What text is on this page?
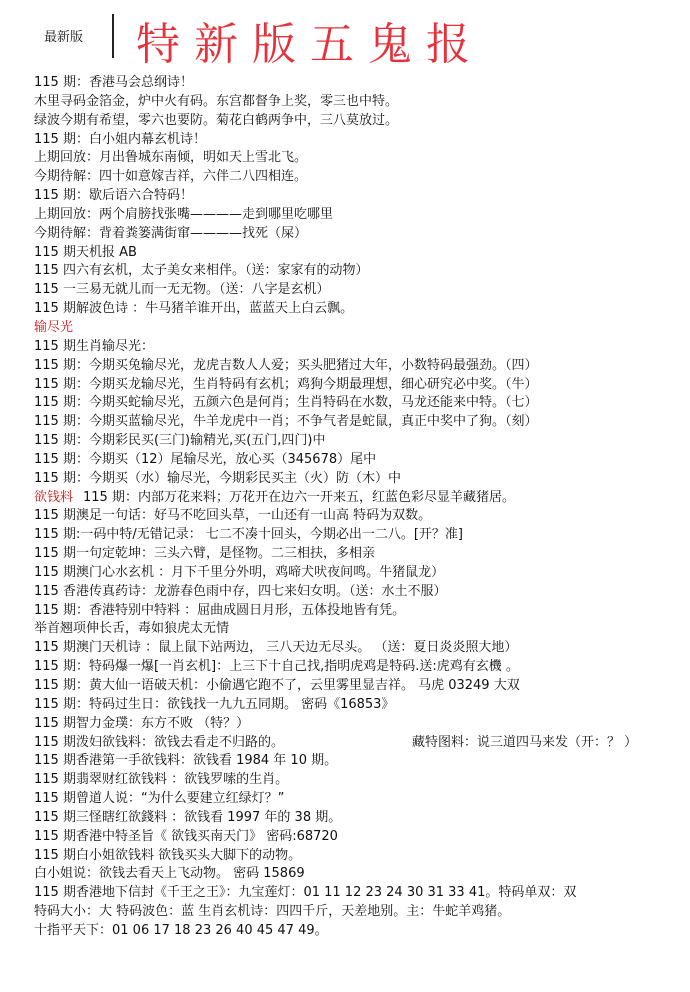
最新版 特新版五鬼报
115 期：香港马会总纲诗！
木里寻码金箔金，炉中火有码。东宫都督争上奖，零三也中特。
绿波今期有希望，零六也要防。菊花白鹤两争中，三八莫放过。
115 期：白小姐内幕玄机诗！
上期回放：月出鲁城东南倾，明如天上雪北飞。
今期待解：四十如意嫁吉祥，六伴二八四相连。
115 期：歇后语六合特码！
上期回放：两个肩膀找张嘴————走到哪里吃哪里
今期待解：背着粪篓满街窜————找死（屎）
115 期天机报 AB
115 四六有玄机，太子美女来相伴。（送：家家有的动物）
115 一三易无就儿而一无无物。（送：八字是玄机）
115 期解波色诗 ：牛马猪羊谁开出，蓝蓝天上白云飘。
输尽光
115 期生肖输尽光：
115 期：今期买兔输尽光，龙虎吉数人人爱；买头肥猪过大年，小数特码最强劲。（四）
115 期：今期买龙输尽光，生肖特码有玄机；鸡狗今期最理想，细心研究必中奖。（牛）
115 期：今期买蛇输尽光，五颜六色是何肖；生肖特码在水数，马龙还能来中特。（七）
115 期：今期买蓝输尽光，牛羊龙虎中一肖；不争气者是蛇鼠，真正中奖中了狗。（刻）
115 期：今期彩民买(三门)输精光,买(五门,四门)中
115 期：今期买（12）尾输尽光，放心买（345678）尾中
115 期：今期买（水）输尽光，今期彩民买主（火）防（木）中
欲钱料 115 期：内部万花来料；万花开在边六一开来五，红蓝色彩尽显羊藏猪居。
115 期澳足一句话：好马不吃回头草，一山还有一山高 特码为双数。
115 期:一码中特/无错记录： 七二不凑十回头，今期必出一二八。[开？准]
115 期一句定乾坤：三头六臂，是怪物。二三相扶，多相亲
115 期澳门心水玄机 ：月下千里分外明，鸡啼犬吠夜间鸣。牛猪鼠龙）
115 香港传真药诗：龙游春色雨中存，四七来妇女明。（送：水土不服）
115 期：香港特别中特料 ：屈曲成圆日月形，五体投地皆有凭。
举首翘项伸长舌，毒如狼虎太无情
115 期澳门天机诗 ：鼠上鼠下站两边， 三八天边无尽头。 （送：夏日炎炎照大地）
115 期：特码爆一爆[一肖玄机]：上三下十自己找,指明虎鸡是特码.送:虎鸡有玄機 。
115 期：黄大仙一语破天机：小偷遇它跑不了，云里雾里显吉祥。 马虎 03249 大双
115 期：特码过生日：欲钱找一九九五同期。 密码《16853》
115 期智力金璞：东方不败 （特？）
115 期泼妇欲钱料：欲钱去看走不归路的。	藏特图料：说三道四马来发（开：？ ）
115 期香港第一手欲钱料：欲钱看 1984 年 10 期。
115 期翡翠财红欲钱料 ：欲钱罗嗦的生肖。
115 期曾道人说：“为什么要建立红绿灯？”
115 期三怪瞎红欲錢料 ：欲钱看 1997 年的 38 期。
115 期香港中特圣旨《 欲钱买南天门》 密码:68720
115 期白小姐欲钱料 欲钱买头大脚下的动物。
白小姐说：欲钱去看天上飞动物。 密码 15869
115 期香港地下信封《千王之王》：九宝莲灯：01 11 12 23 24 30 31 33 41。特码单双：双
特码大小：大 特码波色：蓝 生肖玄机诗：四四千斤，天差地别。主：牛蛇羊鸡猪。
十指平天下：01 06 17 18 23 26 40 45 47 49。
